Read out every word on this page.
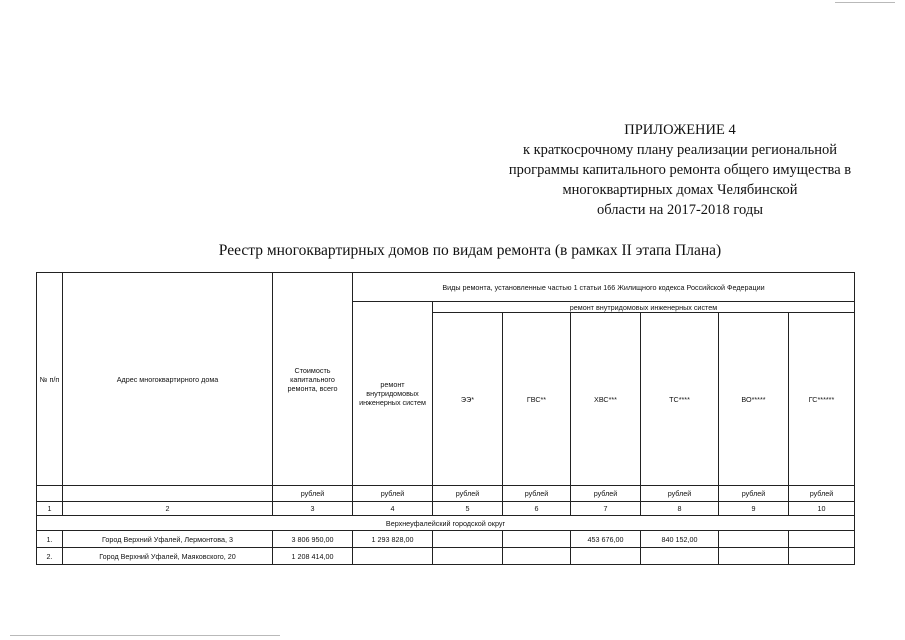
ПРИЛОЖЕНИЕ 4
к краткосрочному плану реализации региональной
программы капитального ремонта общего имущества в
многоквартирных домах Челябинской
области на 2017-2018 годы
Реестр многоквартирных домов по видам ремонта (в рамках II этапа Плана)
№ п/п	Адрес многоквартирного дома	Стоимость капитального ремонта, всего	Виды ремонта, установленные частью 1 статьи 166 Жилищного кодекса Российской Федерации						
			ремонт внутридомовых инженерных систем	ремонт внутридомовых инженерных систем					
				ЭЭ*	ГВС**	ХВС***	ТС****	ВО*****	ГС******
		рублей	рублей	рублей	рублей	рублей	рублей	рублей	рублей
1	2	3	4	5	6	7	8	9	10
Верхнеуфалейский городской округ									
1.	Город Верхний Уфалей, Лермонтова, 3	3 806 950,00	1 293 828,00			453 676,00	840 152,00		
2.	Город Верхний Уфалей, Маяковского, 20	1 208 414,00							
